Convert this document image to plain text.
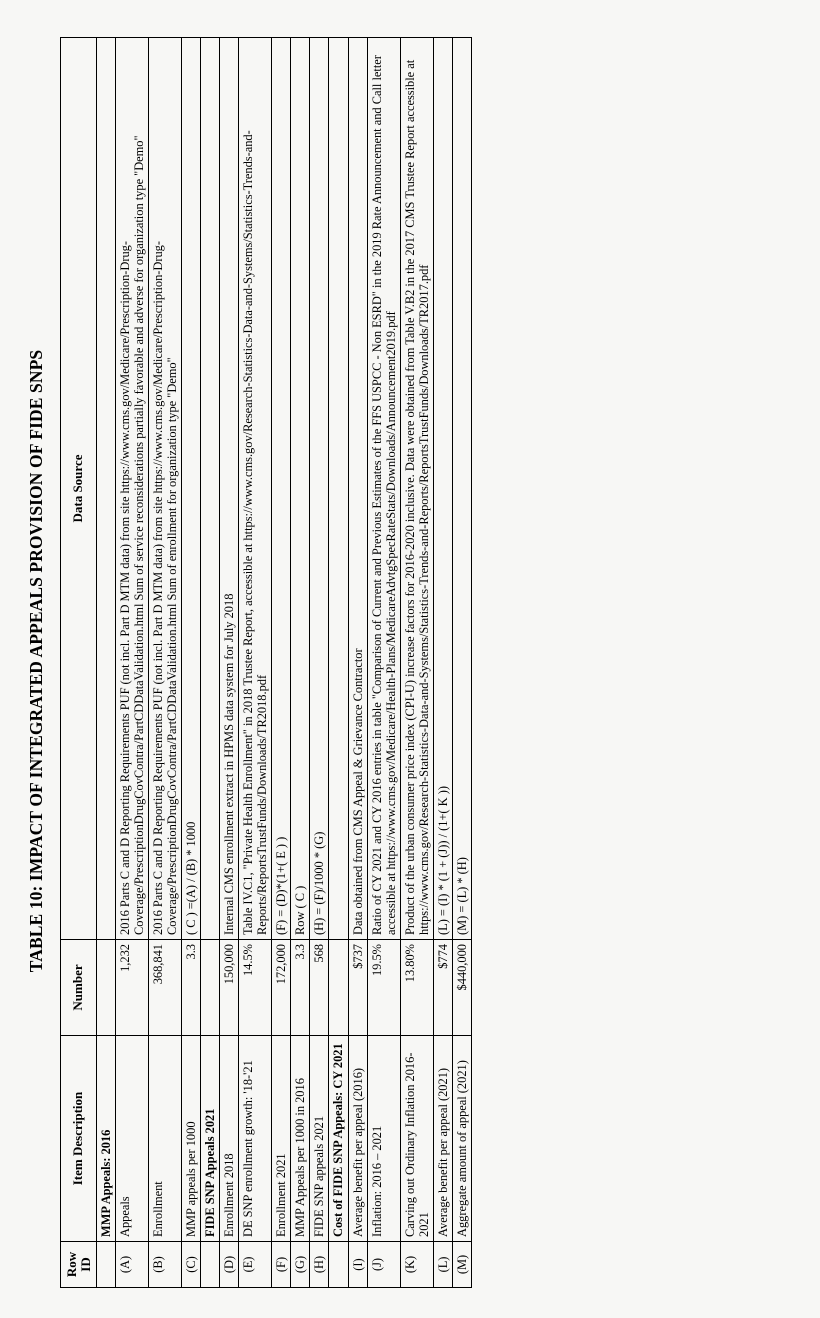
TABLE 10: IMPACT OF INTEGRATED APPEALS PROVISION OF FIDE SNPS
Row
ID	Item Description	Number	Data Source
	MMP Appeals: 2016		
(A)	Appeals	1,232	2016 Parts C and D Reporting Requirements PUF (not incl. Part D MTM data) from site https://www.cms.gov/Medicare/Prescription-Drug-Coverage/PrescriptionDrugCovContra/PartCDDataValidation.html Sum of service reconsiderations partially favorable and adverse for organization type "Demo"
(B)	Enrollment	368,841	2016 Parts C and D Reporting Requirements PUF (not incl. Part D MTM data) from site https://www.cms.gov/Medicare/Prescription-Drug-Coverage/PrescriptionDrugCovContra/PartCDDataValidation.html Sum of enrollment for organization type "Demo"
(C)	MMP appeals per 1000	3.3	( C ) =(A) / (B) * 1000
	FIDE SNP Appeals 2021		
(D)	Enrollment 2018	150,000	Internal CMS enrollment extract in HPMS data system for July 2018
(E)	DE SNP enrollment growth: '18-'21	14.5%	Table IV.C1, "Private Health Enrollment" in 2018 Trustee Report, accessible at https://www.cms.gov/Research-Statistics-Data-and-Systems/Statistics-Trends-and-Reports/ReportsTrustFunds/Downloads/TR2018.pdf
(F)	Enrollment 2021	172,000	(F) = (D)*(1+( E ) )
(G)	MMP Appeals per 1000 in 2016	3.3	Row ( C )
(H)	FIDE SNP appeals 2021	568	(H) = (F)/1000 * (G)
	Cost of FIDE SNP Appeals: CY 2021		
(I)	Average benefit per appeal (2016)	$737	Data obtained from CMS Appeal & Grievance Contractor
(J)	Inflation: 2016 – 2021	19.5%	Ratio of CY 2021 and CY 2016 entries in table "Comparison of Current and Previous Estimates of the FFS USPCC - Non ESRD" in the 2019 Rate Announcement and Call letter accessible at https://www.cms.gov/Medicare/Health-Plans/MedicareAdvtgSpecRateStats/Downloads/Announcement2019.pdf
(K)	Carving out Ordinary Inflation 2016-2021	13.80%	Product of the urban consumer price index (CPI-U) increase factors for 2016-2020 inclusive. Data were obtained from Table V.B2 in the 2017 CMS Trustee Report accessible at https://www.cms.gov/Research-Statistics-Data-and-Systems/Statistics-Trends-and-Reports/ReportsTrustFunds/Downloads/TR2017.pdf
(L)	Average benefit per appeal (2021)	$774	(L) = (I) * (1 + (J)) / (1+( K ))
(M)	Aggregate amount of appeal (2021)	$440,000	(M) = (L) * (H)
